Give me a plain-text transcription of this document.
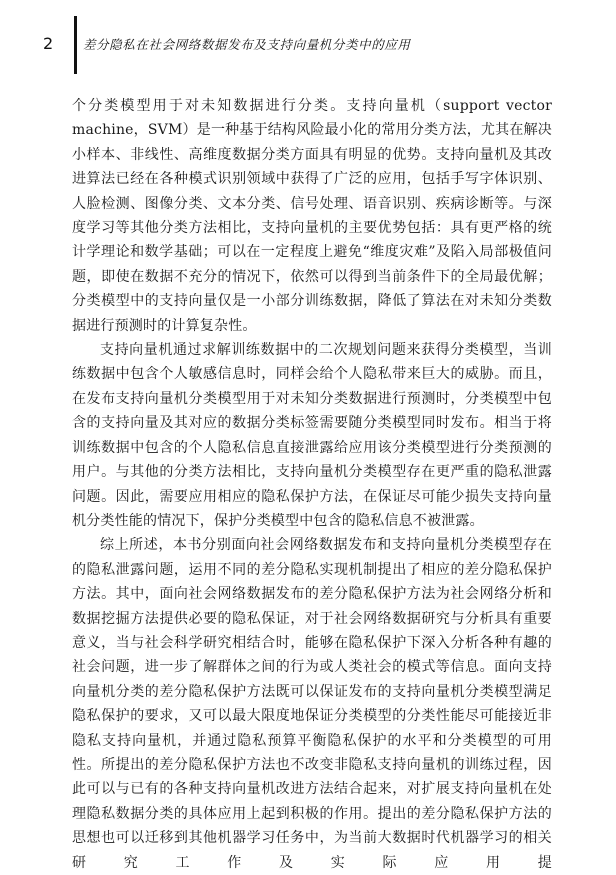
2 差分隐私在社会网络数据发布及支持向量机分类中的应用

个分类模型用于对未知数据进行分类。支持向量机（support vector machine，SVM）是一种基于结构风险最小化的常用分类方法，尤其在解决小样本、非线性、高维度数据分类方面具有明显的优势。支持向量机及其改进算法已经在各种模式识别领域中获得了广泛的应用，包括手写字体识别、人脸检测、图像分类、文本分类、信号处理、语音识别、疾病诊断等。与深度学习等其他分类方法相比，支持向量机的主要优势包括：具有更严格的统计学理论和数学基础；可以在一定程度上避免“维度灾难”及陷入局部极值问题，即使在数据不充分的情况下，依然可以得到当前条件下的全局最优解；分类模型中的支持向量仅是一小部分训练数据，降低了算法在对未知分类数据进行预测时的计算复杂性。

支持向量机通过求解训练数据中的二次规划问题来获得分类模型，当训练数据中包含个人敏感信息时，同样会给个人隐私带来巨大的威胁。而且，在发布支持向量机分类模型用于对未知分类数据进行预测时，分类模型中包含的支持向量及其对应的数据分类标签需要随分类模型同时发布。相当于将训练数据中包含的个人隐私信息直接泄露给应用该分类模型进行分类预测的用户。与其他的分类方法相比，支持向量机分类模型存在更严重的隐私泄露问题。因此，需要应用相应的隐私保护方法，在保证尽可能少损失支持向量机分类性能的情况下，保护分类模型中包含的隐私信息不被泄露。

综上所述，本书分别面向社会网络数据发布和支持向量机分类模型存在的隐私泄露问题，运用不同的差分隐私实现机制提出了相应的差分隐私保护方法。其中，面向社会网络数据发布的差分隐私保护方法为社会网络分析和数据挖掘方法提供必要的隐私保证，对于社会网络数据研究与分析具有重要意义，当与社会科学研究相结合时，能够在隐私保护下深入分析各种有趣的社会问题，进一步了解群体之间的行为或人类社会的模式等信息。面向支持向量机分类的差分隐私保护方法既可以保证发布的支持向量机分类模型满足隐私保护的要求，又可以最大限度地保证分类模型的分类性能尽可能接近非隐私支持向量机，并通过隐私预算平衡隐私保护的水平和分类模型的可用性。所提出的差分隐私保护方法也不改变非隐私支持向量机的训练过程，因此可以与已有的各种支持向量机改进方法结合起来，对扩展支持向量机在处理隐私数据分类的具体应用上起到积极的作用。提出的差分隐私保护方法的思想也可以迁移到其他机器学习任务中，为当前大数据时代机器学习的相关研究工作及实际应用提
